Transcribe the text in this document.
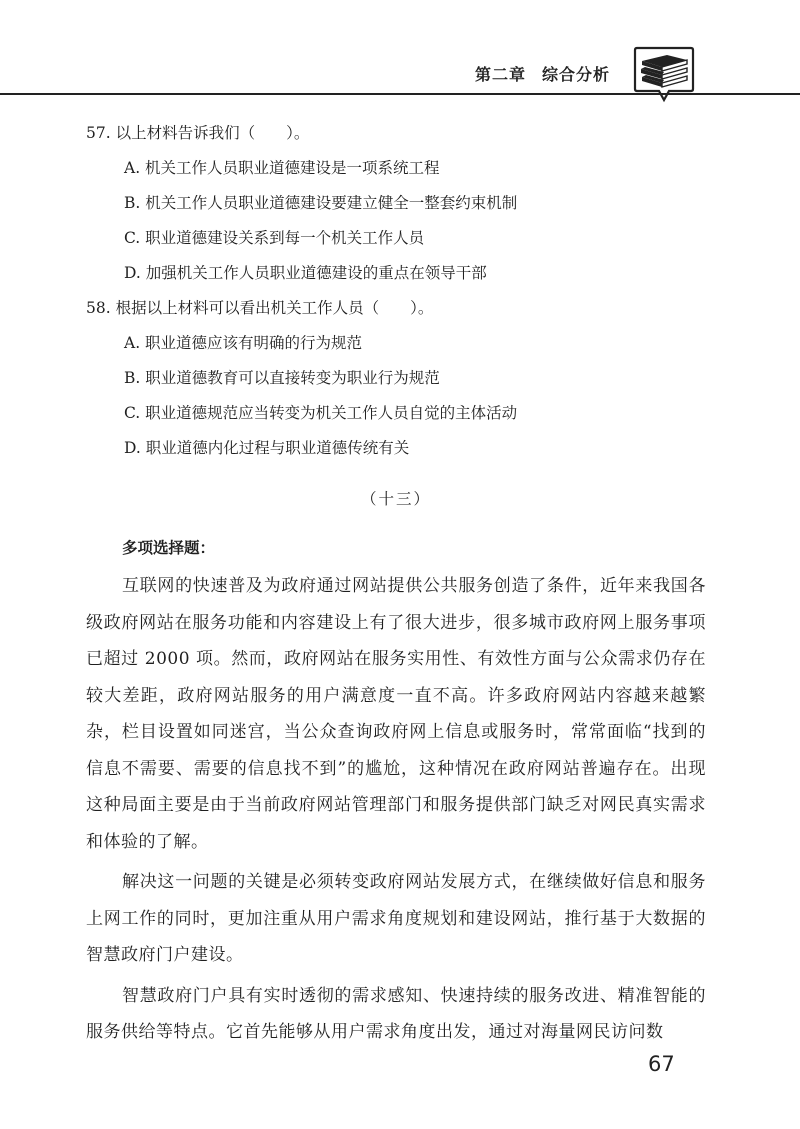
第二章 综合分析
57. 以上材料告诉我们（　　）。
A. 机关工作人员职业道德建设是一项系统工程
B. 机关工作人员职业道德建设要建立健全一整套约束机制
C. 职业道德建设关系到每一个机关工作人员
D. 加强机关工作人员职业道德建设的重点在领导干部
58. 根据以上材料可以看出机关工作人员（　　）。
A. 职业道德应该有明确的行为规范
B. 职业道德教育可以直接转变为职业行为规范
C. 职业道德规范应当转变为机关工作人员自觉的主体活动
D. 职业道德内化过程与职业道德传统有关
（十三）
多项选择题：

互联网的快速普及为政府通过网站提供公共服务创造了条件，近年来我国各级政府网站在服务功能和内容建设上有了很大进步，很多城市政府网上服务事项已超过 2000 项。然而，政府网站在服务实用性、有效性方面与公众需求仍存在较大差距，政府网站服务的用户满意度一直不高。许多政府网站内容越来越繁杂，栏目设置如同迷宫，当公众查询政府网上信息或服务时，常常面临“找到的信息不需要、需要的信息找不到”的尴尬，这种情况在政府网站普遍存在。出现这种局面主要是由于当前政府网站管理部门和服务提供部门缺乏对网民真实需求和体验的了解。

解决这一问题的关键是必须转变政府网站发展方式，在继续做好信息和服务上网工作的同时，更加注重从用户需求角度规划和建设网站，推行基于大数据的智慧政府门户建设。

智慧政府门户具有实时透彻的需求感知、快速持续的服务改进、精准智能的服务供给等特点。它首先能够从用户需求角度出发，通过对海量网民访问数

67
